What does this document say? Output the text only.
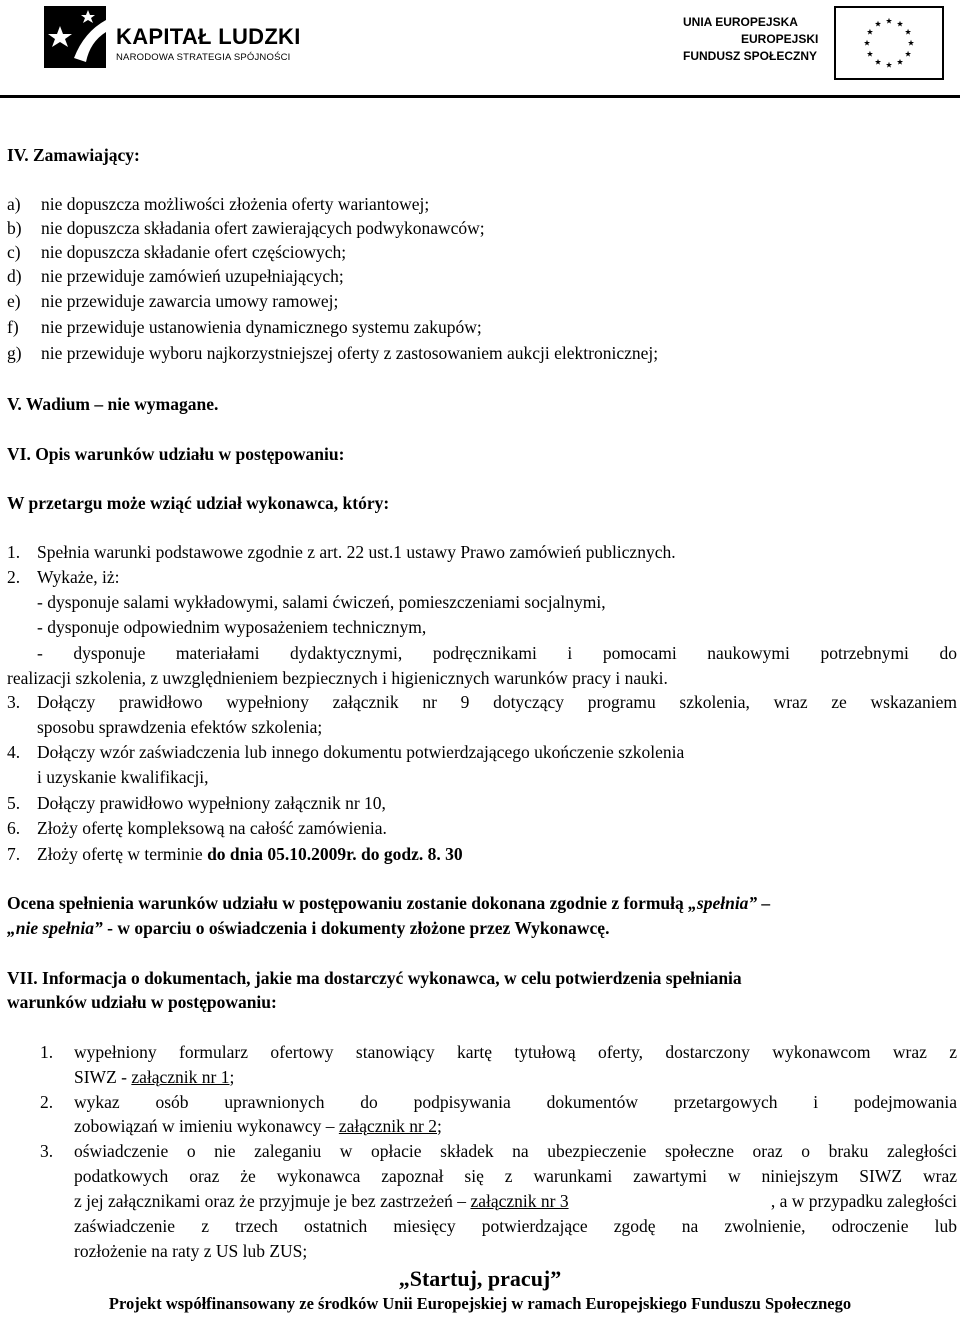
KAPITAŁ LUDZKI
NARODOWA STRATEGIA SPÓJNOŚCI
UNIA EUROPEJSKA
EUROPEJSKI
FUNDUSZ SPOŁECZNY
IV. Zamawiający:
a) nie dopuszcza możliwości złożenia oferty wariantowej;
b) nie dopuszcza składania ofert zawierających podwykonawców;
c) nie dopuszcza składanie ofert częściowych;
d) nie przewiduje zamówień uzupełniających;
e) nie przewiduje zawarcia umowy ramowej;
f) nie przewiduje ustanowienia dynamicznego systemu zakupów;
g) nie przewiduje wyboru najkorzystniejszej oferty z zastosowaniem aukcji elektronicznej;
V. Wadium – nie wymagane.
VI. Opis warunków udziału w postępowaniu:
W przetargu może wziąć udział wykonawca, który:
1. Spełnia warunki podstawowe zgodnie z art. 22 ust.1 ustawy Prawo zamówień publicznych.
2. Wykaże, iż:
- dysponuje salami wykładowymi, salami ćwiczeń, pomieszczeniami socjalnymi,
- dysponuje odpowiednim wyposażeniem technicznym,
- dysponuje materiałami dydaktycznymi, podręcznikami i pomocami naukowymi potrzebnymi do
realizacji szkolenia, z uwzględnieniem bezpiecznych i higienicznych warunków pracy i nauki.
3. Dołączy prawidłowo wypełniony załącznik nr 9 dotyczący programu szkolenia, wraz ze wskazaniem
sposobu sprawdzenia efektów szkolenia;
4. Dołączy wzór zaświadczenia lub innego dokumentu potwierdzającego ukończenie szkolenia
i uzyskanie kwalifikacji,
5. Dołączy prawidłowo wypełniony załącznik nr 10,
6. Złoży ofertę kompleksową na całość zamówienia.
7. Złoży ofertę w terminie do dnia 05.10.2009r. do godz. 8. 30
Ocena spełnienia warunków udziału w postępowaniu zostanie dokonana zgodnie z formułą „spełnia” –
„nie spełnia” - w oparciu o oświadczenia i dokumenty złożone przez Wykonawcę.
VII. Informacja o dokumentach, jakie ma dostarczyć wykonawca, w celu potwierdzenia spełniania
warunków udziału w postępowaniu:
1. wypełniony formularz ofertowy stanowiący kartę tytułową oferty, dostarczony wykonawcom wraz z
SIWZ - załącznik nr 1;
2. wykaz osób uprawnionych do podpisywania dokumentów przetargowych i podejmowania
zobowiązań w imieniu wykonawcy – załącznik nr 2;
3. oświadczenie o nie zaleganiu w opłacie składek na ubezpieczenie społeczne oraz o braku zaległości
podatkowych oraz że wykonawca zapoznał się z warunkami zawartymi w niniejszym SIWZ wraz
z jej załącznikami oraz że przyjmuje je bez zastrzeżeń – załącznik nr 3	, a w przypadku zaległości
zaświadczenie z trzech ostatnich miesięcy potwierdzające zgodę na zwolnienie, odroczenie lub
rozłożenie na raty z US lub ZUS;
„Startuj, pracuj”
Projekt współfinansowany ze środków Unii Europejskiej w ramach Europejskiego Funduszu Społecznego
